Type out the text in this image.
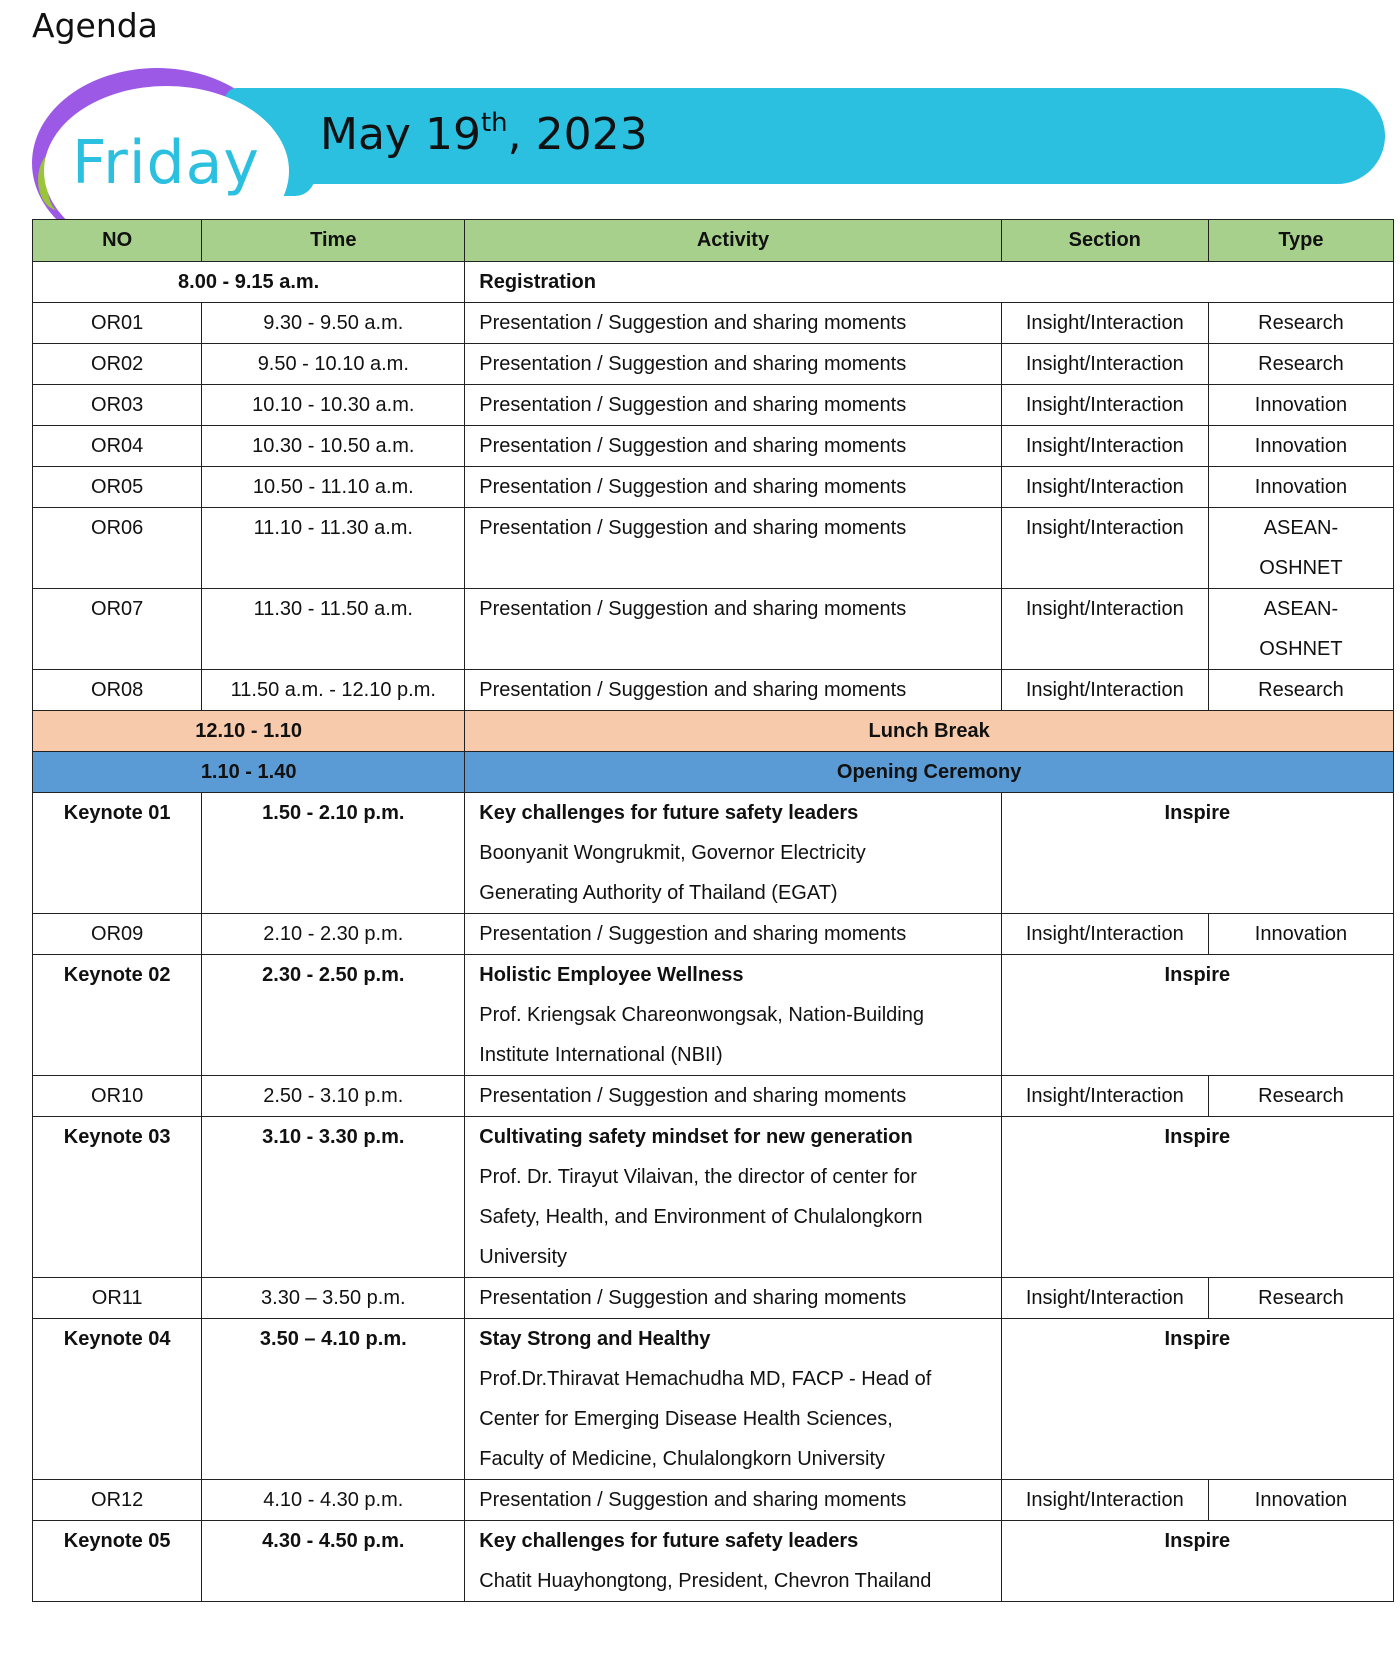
Agenda
Friday May 19th, 2023
NO	Time	Activity	Section	Type
8.00 - 9.15 a.m.		Registration		
OR01	9.30 - 9.50 a.m.	Presentation / Suggestion and sharing moments	Insight/Interaction	Research
OR02	9.50 - 10.10 a.m.	Presentation / Suggestion and sharing moments	Insight/Interaction	Research
OR03	10.10 - 10.30 a.m.	Presentation / Suggestion and sharing moments	Insight/Interaction	Innovation
OR04	10.30 - 10.50 a.m.	Presentation / Suggestion and sharing moments	Insight/Interaction	Innovation
OR05	10.50 - 11.10 a.m.	Presentation / Suggestion and sharing moments	Insight/Interaction	Innovation
OR06	11.10 - 11.30 a.m.	Presentation / Suggestion and sharing moments	Insight/Interaction	ASEAN-
OSHNET

OR07	11.30 - 11.50 a.m.	Presentation / Suggestion and sharing moments	Insight/Interaction	ASEAN-
OSHNET

OR08	11.50 a.m. - 12.10 p.m.	Presentation / Suggestion and sharing moments	Insight/Interaction	Research
12.10 - 1.10		Lunch Break		
1.10 - 1.40		Opening Ceremony		
Keynote 01	1.50 - 2.10 p.m.	Key challenges for future safety leaders
Boonyanit Wongrukmit, Governor Electricity
Generating Authority of Thailand (EGAT)	Inspire	
OR09	2.10 - 2.30 p.m.	Presentation / Suggestion and sharing moments	Insight/Interaction	Innovation
Keynote 02	2.30 - 2.50 p.m.	Holistic Employee Wellness
Prof. Kriengsak Chareonwongsak, Nation-Building
Institute International (NBII)	Inspire	
OR10	2.50 - 3.10 p.m.	Presentation / Suggestion and sharing moments	Insight/Interaction	Research
Keynote 03	3.10 - 3.30 p.m.	Cultivating safety mindset for new generation
Prof. Dr. Tirayut Vilaivan, the director of center for
Safety, Health, and Environment of Chulalongkorn
University	Inspire	
OR11	3.30 – 3.50 p.m.	Presentation / Suggestion and sharing moments	Insight/Interaction	Research
Keynote 04	3.50 – 4.10 p.m.	Stay Strong and Healthy
Prof.Dr.Thiravat Hemachudha MD, FACP - Head of
Center for Emerging Disease Health Sciences,
Faculty of Medicine, Chulalongkorn University	Inspire	
OR12	4.10 - 4.30 p.m.	Presentation / Suggestion and sharing moments	Insight/Interaction	Innovation
Keynote 05	4.30 - 4.50 p.m.	Key challenges for future safety leaders
Chatit Huayhongtong, President, Chevron Thailand	Inspire	
